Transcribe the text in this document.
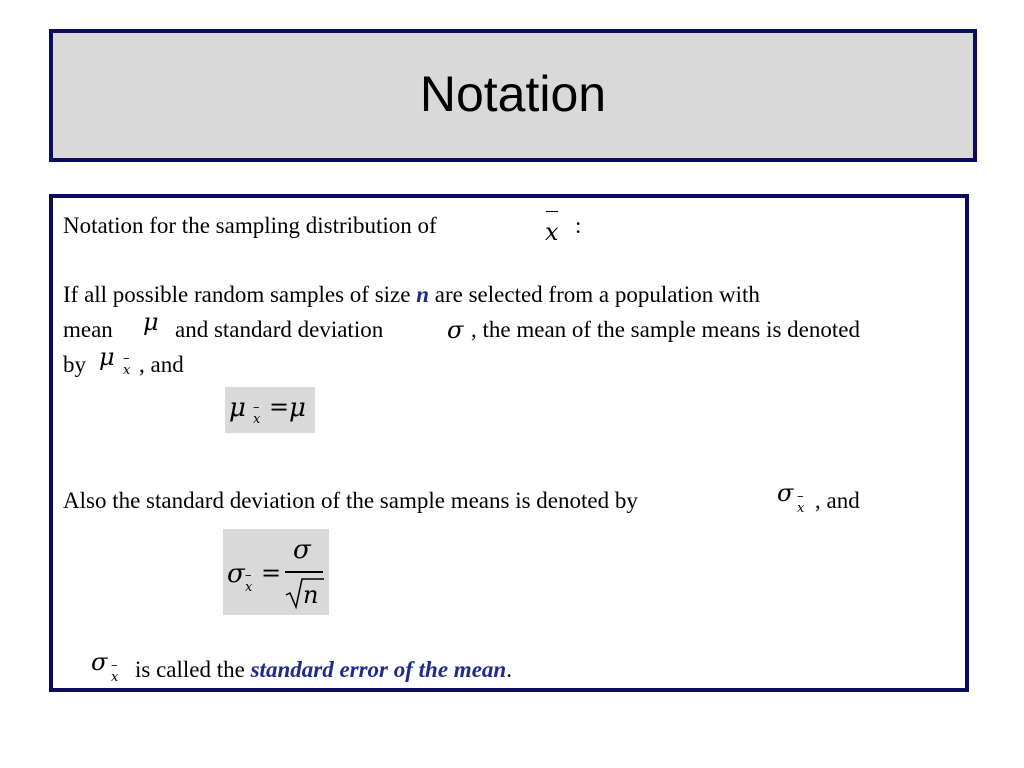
Notation
Notation for the sampling distribution of	x :
If all possible random samples of size n are selected from a population with
mean μ and standard deviation	σ , the mean of the sample means is denoted
by μ –
x , and
μ –
x = μ
Also the standard deviation of the sample means is denoted by	σ –
x , and
σ –
x
=
σ
n
σ –
x is called the standard error of the mean.
